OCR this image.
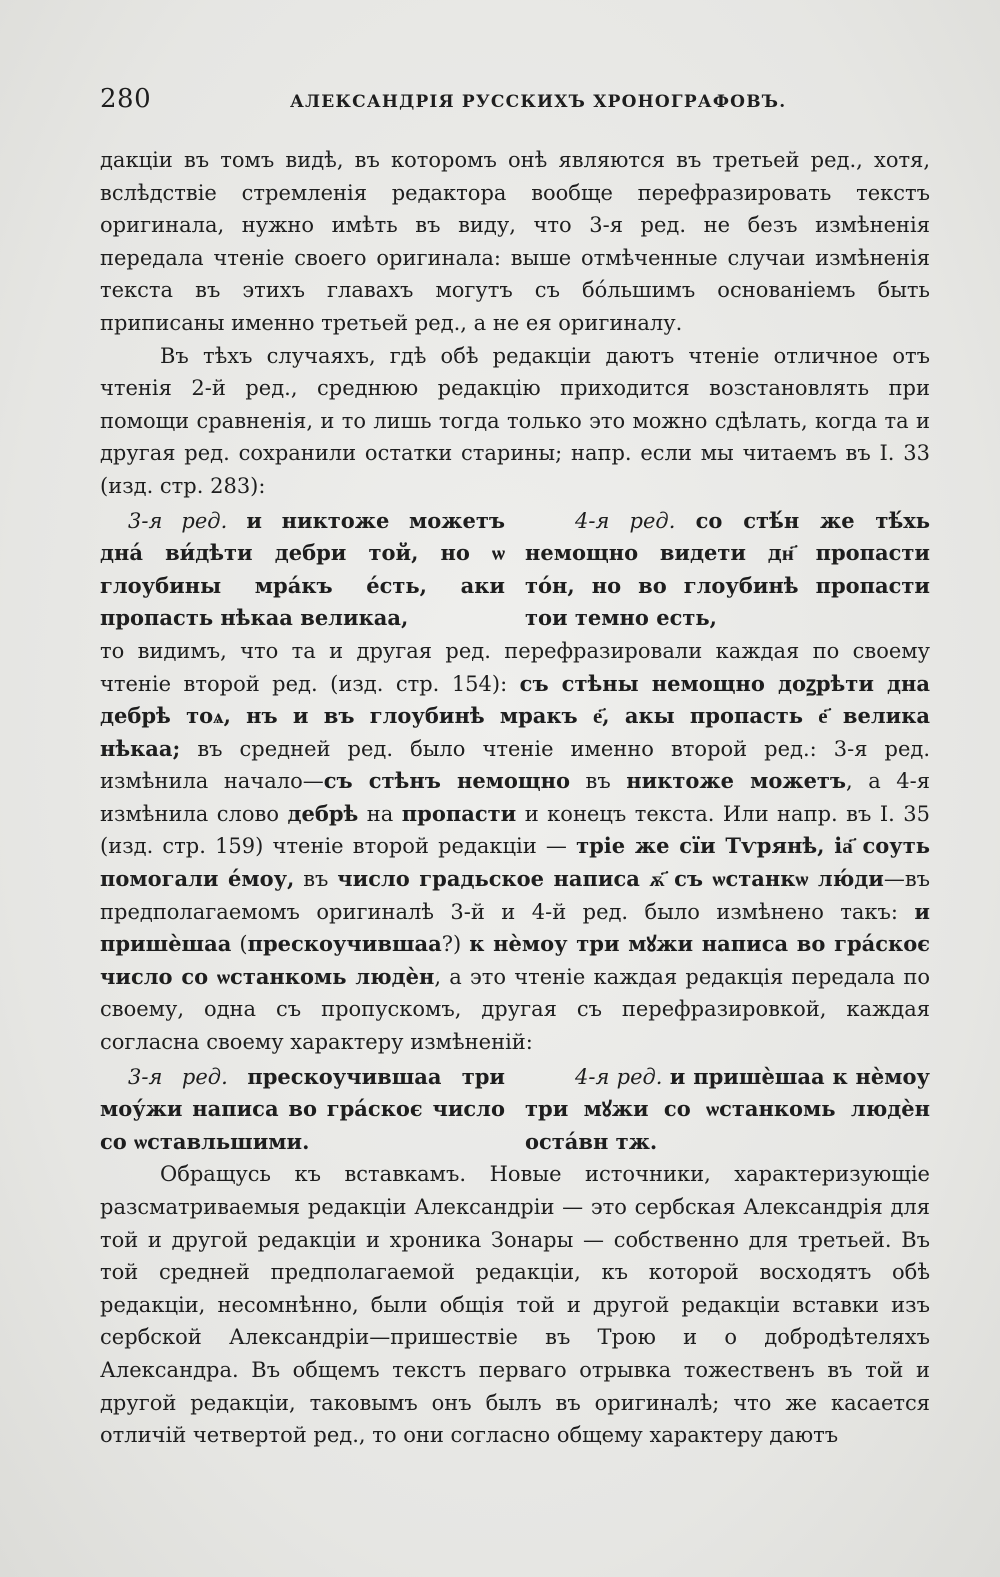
280	АЛЕКСАНДРІЯ РУССКИХЪ ХРОНОГРАФОВЪ.

дакціи въ томъ видѣ, въ которомъ онѣ являются въ третьей ред., хотя, вслѣдствіе стремленія редактора вообще перефразировать текстъ оригинала, нужно имѣть въ виду, что 3-я ред. не безъ измѣненія передала чтеніе своего оригинала: выше отмѣченные случаи измѣненія текста въ этихъ главахъ могутъ съ бо́льшимъ основаніемъ быть приписаны именно третьей ред., а не ея оригиналу.

Въ тѣхъ случаяхъ, гдѣ обѣ редакціи даютъ чтеніе отличное отъ чтенія 2-й ред., среднюю редакцію приходится возстановлять при помощи сравненія, и то лишь тогда только это можно сдѣлать, когда та и другая ред. сохранили остатки старины; напр. если мы читаемъ въ І. 33 (изд. стр. 283):

3-я ред. и никтоже можетъ дна́ ви́дѣти дебри той, но ѡ глоубины мра́къ е́сть, аки пропасть нѣкаа великаа,
4-я ред. со стѣ́н же тѣ́хь немощно видети дн҃ пропасти то́н, но во глоубинѣ пропасти тои темно есть,

то видимъ, что та и другая ред. перефразировали каждая по своему чтеніе второй ред. (изд. стр. 154): съ стѣны немощно доꙁрѣти дна дебрѣ тоѧ, нъ и въ глоубинѣ мракъ е҃, акы пропасть е҃ велика нѣкаа; въ средней ред. было чтеніе именно второй ред.: 3-я ред. измѣнила начало—съ стѣнъ немощно въ никтоже можетъ, а 4-я измѣнила слово дебрѣ на пропасти и конецъ текста. Или напр. въ І. 35 (изд. стр. 159) чтеніе второй редакціи — тріе же сїи Тѵрянѣ, іа҃ соуть помогали е́моу, въ число градьское написа ѫ҃ съ ѡстанкѡ лю́ди—въ предполагаемомъ оригиналѣ 3-й и 4-й ред. было измѣнено такъ: и пришѐшаа (прескоучившаа?) к нѐмоу три мꙋжи написа во гра́скоє число со ѡстанкомь людѐн, а это чтеніе каждая редакція передала по своему, одна съ пропускомъ, другая съ перефразировкой, каждая согласна своему характеру измѣненій:

3-я ред. прескоучившаа три моу́жи написа во гра́скоє число со ѡставльшими.
4-я ред. и пришѐшаа к нѐмоу три мꙋжи со ѡстанкомь людѐн оста́вн тж.

Обращусь къ вставкамъ. Новые источники, характеризующіе разсматриваемыя редакціи Александріи — это сербская Александрія для той и другой редакціи и хроника Зонары — собственно для третьей. Въ той средней предполагаемой редакціи, къ которой восходятъ обѣ редакціи, несомнѣнно, были общія той и другой редакціи вставки изъ сербской Александріи—пришествіе въ Трою и о добродѣтеляхъ Александра. Въ общемъ текстъ перваго отрывка тожественъ въ той и другой редакціи, таковымъ онъ былъ въ оригиналѣ; что же касается отличій четвертой ред., то они согласно общему характеру даютъ
